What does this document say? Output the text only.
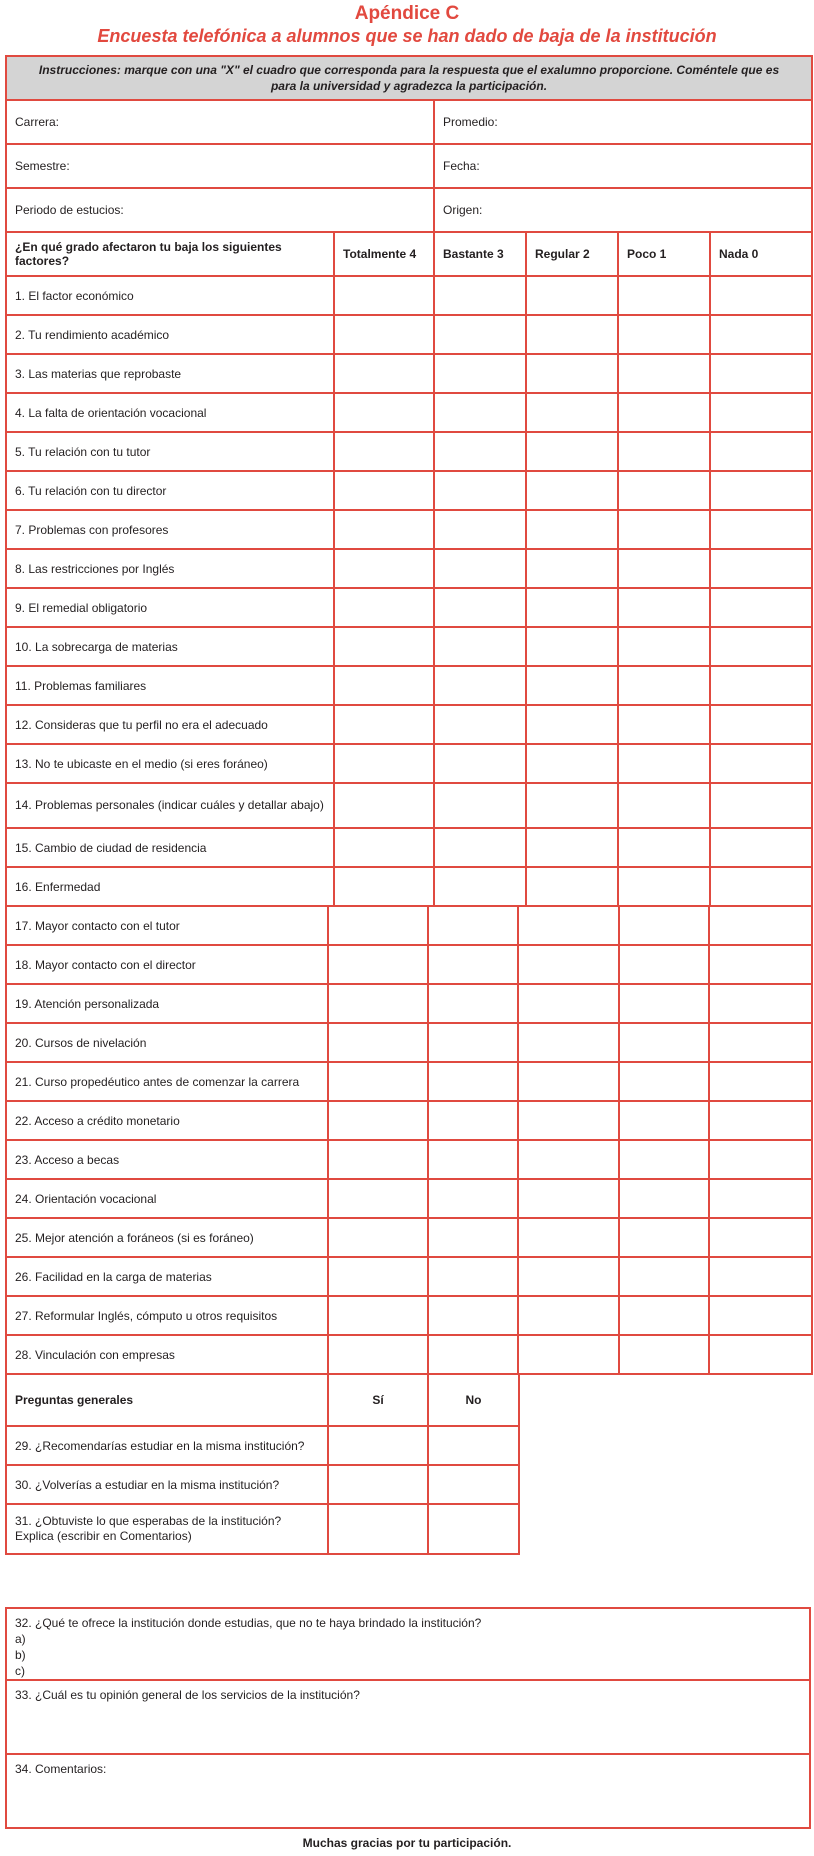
Apéndice C
Encuesta telefónica a alumnos que se han dado de baja de la institución
Instrucciones: marque con una "X" el cuadro que corresponda para la respuesta que el exalumno proporcione. Coméntele que es para la universidad y agradezca la participación.					
Carrera:		Promedio:			
Semestre:		Fecha:			
Periodo de estucios:		Origen:			
¿En qué grado afectaron tu baja los siguientes factores?	Totalmente 4	Bastante 3	Regular 2	Poco 1	Nada 0
1. El factor económico					
2. Tu rendimiento académico					
3. Las materias que reprobaste					
4. La falta de orientación vocacional					
5. Tu relación con tu tutor					
6. Tu relación con tu director					
7. Problemas con profesores					
8. Las restricciones por Inglés					
9. El remedial obligatorio					
10. La sobrecarga de materias					
11. Problemas familiares					
12. Consideras que tu perfil no era el adecuado					
13. No te ubicaste en el medio (si eres foráneo)					
14. Problemas personales (indicar cuáles y detallar abajo)					
15. Cambio de ciudad de residencia					
16. Enfermedad					
17. Mayor contacto con el tutor					
18. Mayor contacto con el director					
19. Atención personalizada					
20. Cursos de nivelación					
21. Curso propedéutico antes de comenzar la carrera					
22. Acceso a crédito monetario					
23. Acceso a becas					
24. Orientación vocacional					
25. Mejor atención a foráneos (si es foráneo)					
26. Facilidad en la carga de materias					
27. Reformular Inglés, cómputo u otros requisitos					
28. Vinculación con empresas					
Preguntas generales	Sí	No
29. ¿Recomendarías estudiar en la misma institución?		
30. ¿Volverías a estudiar en la misma institución?		
31. ¿Obtuviste lo que esperabas de la institución? Explica (escribir en Comentarios)		
32. ¿Qué te ofrece la institución donde estudias, que no te haya brindado la institución?
a)
b)
c)
33. ¿Cuál es tu opinión general de los servicios de la institución?
34. Comentarios:
Muchas gracias por tu participación.
